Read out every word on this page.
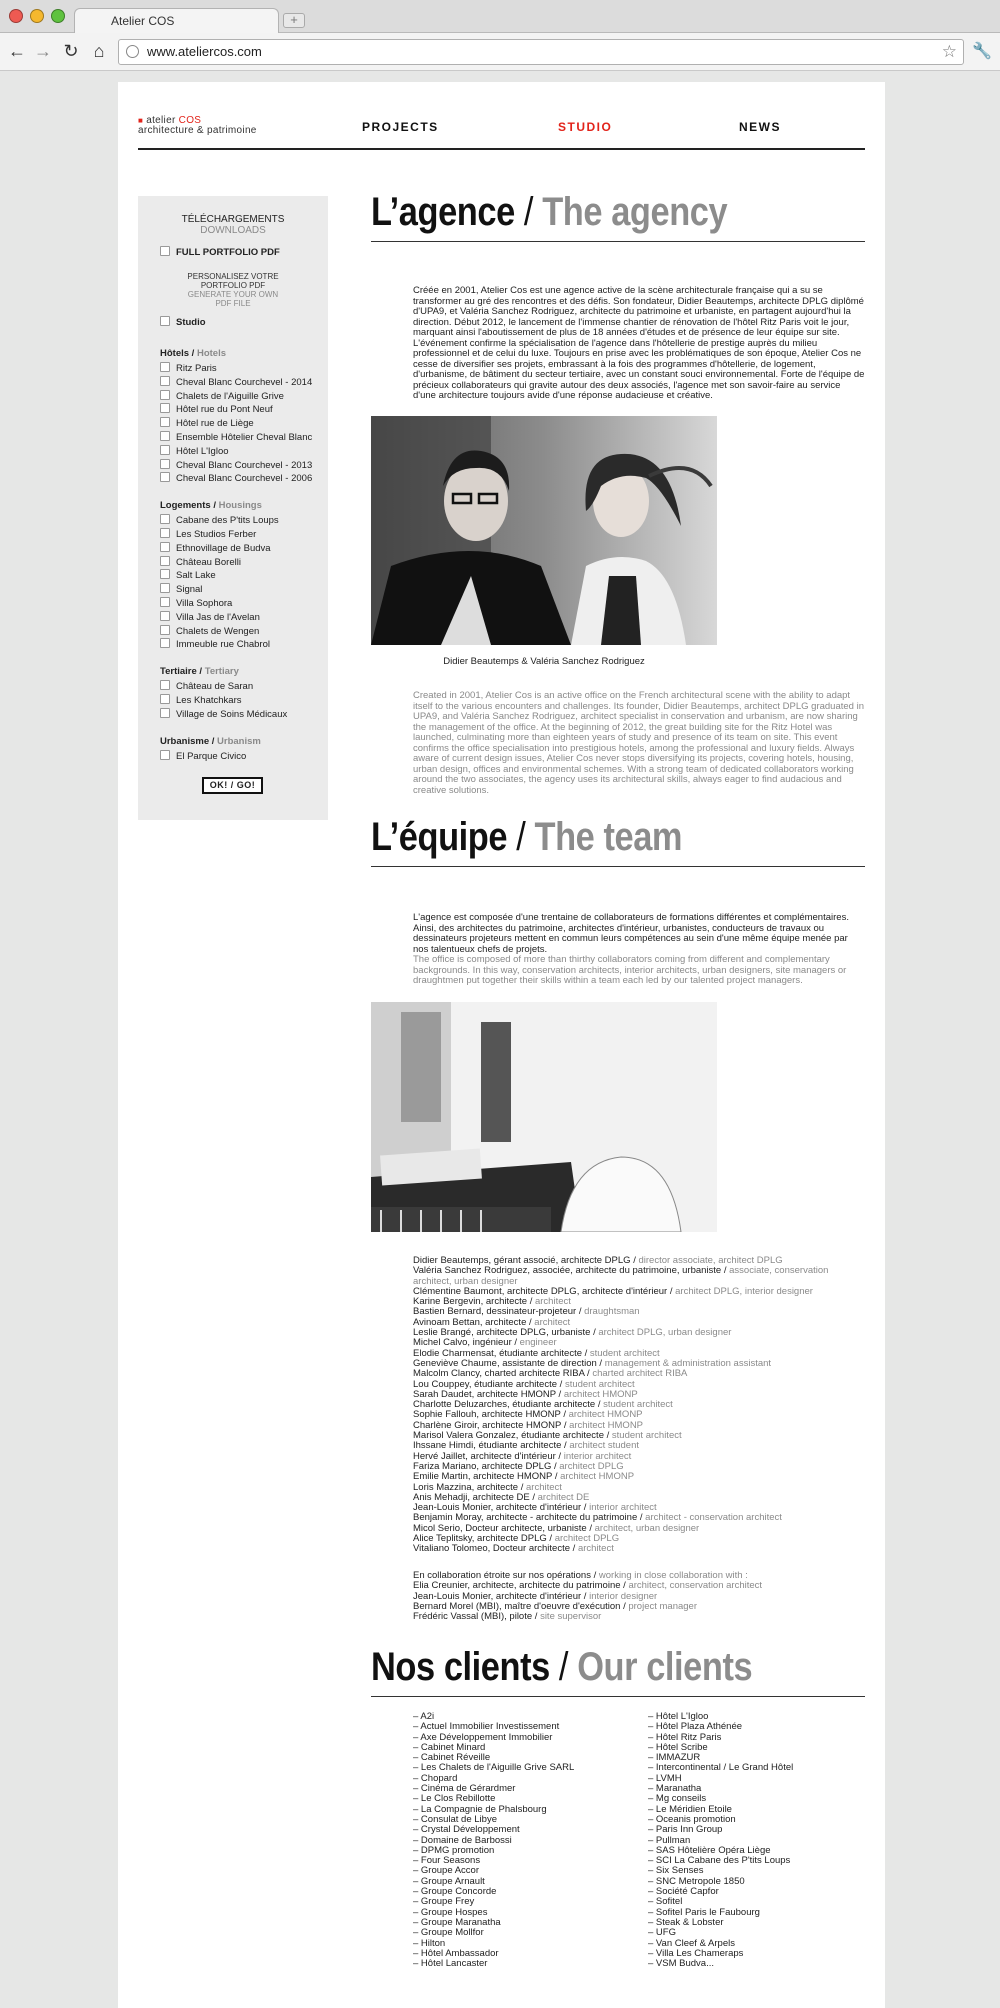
Atelier COS	+
← → ↻ ⌂	www.ateliercos.com	☆ 🔧
■ atelier COS
architecture & patrimoine	PROJECTS	STUDIO	NEWS
TÉLÉCHARGEMENTS
DOWNLOADS
FULL PORTFOLIO PDF
PERSONALISEZ VOTRE
PORTFOLIO PDF
GENERATE YOUR OWN
PDF FILE
Studio
Hôtels / Hotels
Ritz Paris
Cheval Blanc Courchevel - 2014
Chalets de l'Aiguille Grive
Hôtel rue du Pont Neuf
Hôtel rue de Liège
Ensemble Hôtelier Cheval Blanc
Hôtel L'Igloo
Cheval Blanc Courchevel - 2013
Cheval Blanc Courchevel - 2006
Logements / Housings
Cabane des P'tits Loups
Les Studios Ferber
Ethnovillage de Budva
Château Borelli
Salt Lake
Signal
Villa Sophora
Villa Jas de l'Avelan
Chalets de Wengen
Immeuble rue Chabrol
Tertiaire / Tertiary
Château de Saran
Les Khatchkars
Village de Soins Médicaux
Urbanisme / Urbanism
El Parque Civico
OK! / GO!
L’agence / The agency
Créée en 2001, Atelier Cos est une agence active de la scène architecturale française qui a su se transformer au gré des rencontres et des défis. Son fondateur, Didier Beautemps, architecte DPLG diplômé d'UPA9, et Valéria Sanchez Rodriguez, architecte du patrimoine et urbaniste, en partagent aujourd'hui la direction. Début 2012, le lancement de l'immense chantier de rénovation de l'hôtel Ritz Paris voit le jour, marquant ainsi l'aboutissement de plus de 18 années d'études et de présence de leur équipe sur site. L'événement confirme la spécialisation de l'agence dans l'hôtellerie de prestige auprès du milieu professionnel et de celui du luxe. Toujours en prise avec les problématiques de son époque, Atelier Cos ne cesse de diversifier ses projets, embrassant à la fois des programmes d'hôtellerie, de logement, d'urbanisme, de bâtiment du secteur tertiaire, avec un constant souci environnemental. Forte de l'équipe de précieux collaborateurs qui gravite autour des deux associés, l'agence met son savoir-faire au service d'une architecture toujours avide d'une réponse audacieuse et créative.
Didier Beautemps & Valéria Sanchez Rodriguez
Created in 2001, Atelier Cos is an active office on the French architectural scene with the ability to adapt itself to the various encounters and challenges. Its founder, Didier Beautemps, architect DPLG graduated in UPA9, and Valéria Sanchez Rodriguez, architect specialist in conservation and urbanism, are now sharing the management of the office. At the beginning of 2012, the great building site for the Ritz Hotel was launched, culminating more than eighteen years of study and presence of its team on site. This event confirms the office specialisation into prestigious hotels, among the professional and luxury fields. Always aware of current design issues, Atelier Cos never stops diversifying its projects, covering hotels, housing, urban design, offices and environmental schemes. With a strong team of dedicated collaborators working around the two associates, the agency uses its architectural skills, always eager to find audacious and creative solutions.
L’équipe / The team
L'agence est composée d'une trentaine de collaborateurs de formations différentes et complémentaires. Ainsi, des architectes du patrimoine, architectes d'intérieur, urbanistes, conducteurs de travaux ou dessinateurs projeteurs mettent en commun leurs compétences au sein d'une même équipe menée par nos talentueux chefs de projets.
The office is composed of more than thirthy collaborators coming from different and complementary backgrounds. In this way, conservation architects, interior architects, urban designers, site managers or draughtmen put together their skills within a team each led by our talented project managers.
Didier Beautemps, gérant associé, architecte DPLG / director associate, architect DPLG
Valéria Sanchez Rodriguez, associée, architecte du patrimoine, urbaniste / associate, conservation architect, urban designer
Clémentine Baumont, architecte DPLG, architecte d'intérieur / architect DPLG, interior designer
Karine Bergevin, architecte / architect
Bastien Bernard, dessinateur-projeteur / draughtsman
Avinoam Bettan, architecte / architect
Leslie Brangé, architecte DPLG, urbaniste / architect DPLG, urban designer
Michel Calvo, ingénieur / engineer
Elodie Charmensat, étudiante architecte / student architect
Geneviève Chaume, assistante de direction / management & administration assistant
Malcolm Clancy, charted architecte RIBA / charted architect RIBA
Lou Couppey, étudiante architecte / student architect
Sarah Daudet, architecte HMONP / architect HMONP
Charlotte Deluzarches, étudiante architecte / student architect
Sophie Fallouh, architecte HMONP / architect HMONP
Charlène Giroir, architecte HMONP / architect HMONP
Marisol Valera Gonzalez, étudiante architecte / student architect
Ihssane Himdi, étudiante architecte / architect student
Hervé Jaillet, architecte d'intérieur / interior architect
Fariza Mariano, architecte DPLG / architect DPLG
Emilie Martin, architecte HMONP / architect HMONP
Loris Mazzina, architecte / architect
Anis Mehadji, architecte DE / architect DE
Jean-Louis Monier, architecte d'intérieur / interior architect
Benjamin Moray, architecte - architecte du patrimoine / architect - conservation architect
Micol Serio, Docteur architecte, urbaniste / architect, urban designer
Alice Teplitsky, architecte DPLG / architect DPLG
Vitaliano Tolomeo, Docteur architecte / architect
En collaboration étroite sur nos opérations / working in close collaboration with :
Elia Creunier, architecte, architecte du patrimoine / architect, conservation architect
Jean-Louis Monier, architecte d'intérieur / interior designer
Bernard Morel (MBI), maître d'oeuvre d'exécution / project manager
Frédéric Vassal (MBI), pilote / site supervisor
Nos clients / Our clients
– A2i
– Actuel Immobilier Investissement
– Axe Développement Immobilier
– Cabinet Minard
– Cabinet Réveille
– Les Chalets de l'Aiguille Grive SARL
– Chopard
– Cinéma de Gérardmer
– Le Clos Rebillotte
– La Compagnie de Phalsbourg
– Consulat de Libye
– Crystal Développement
– Domaine de Barbossi
– DPMG promotion
– Four Seasons
– Groupe Accor
– Groupe Arnault
– Groupe Concorde
– Groupe Frey
– Groupe Hospes
– Groupe Maranatha
– Groupe Mollfor
– Hilton
– Hôtel Ambassador
– Hôtel Lancaster
– Hôtel L'Igloo
– Hôtel Plaza Athénée
– Hôtel Ritz Paris
– Hôtel Scribe
– IMMAZUR
– Intercontinental / Le Grand Hôtel
– LVMH
– Maranatha
– Mg conseils
– Le Méridien Etoile
– Oceanis promotion
– Paris Inn Group
– Pullman
– SAS Hôtelière Opéra Liège
– SCI La Cabane des P'tits Loups
– Six Senses
– SNC Metropole 1850
– Société Capfor
– Sofitel
– Sofitel Paris le Faubourg
– Steak & Lobster
– UFG
– Van Cleef & Arpels
– Villa Les Chameraps
– VSM Budva...
